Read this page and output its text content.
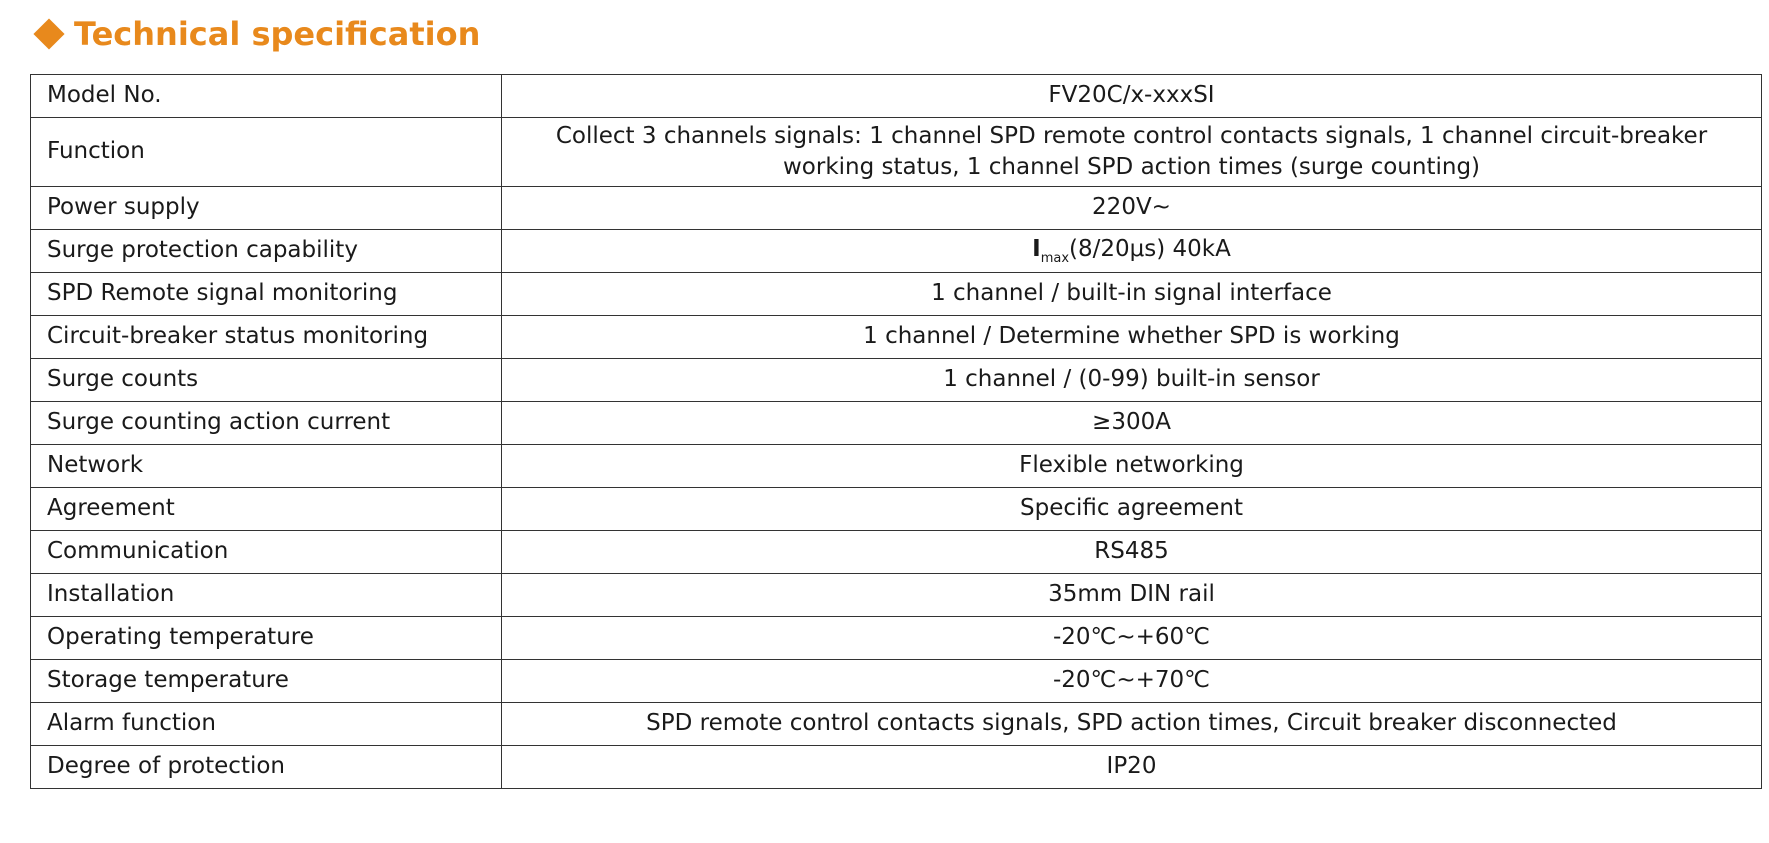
Technical specification
Model No.	FV20C/x-xxxSI
Function	Collect 3 channels signals: 1 channel SPD remote control contacts signals, 1 channel circuit-breaker working status, 1 channel SPD action times (surge counting)
Power supply	220V~
Surge protection capability	$I_{max}(8/20\mu s)$ 40kA
SPD Remote signal monitoring	1 channel / built-in signal interface
Circuit-breaker status monitoring	1 channel / Determine whether SPD is working
Surge counts	1 channel / (0-99) built-in sensor
Surge counting action current	≥300A
Network	Flexible networking
Agreement	Specific agreement
Communication	RS485
Installation	35mm DIN rail
Operating temperature	-20℃~+60℃
Storage temperature	-20℃~+70℃
Alarm function	SPD remote control contacts signals, SPD action times, Circuit breaker disconnected
Degree of protection	IP20
